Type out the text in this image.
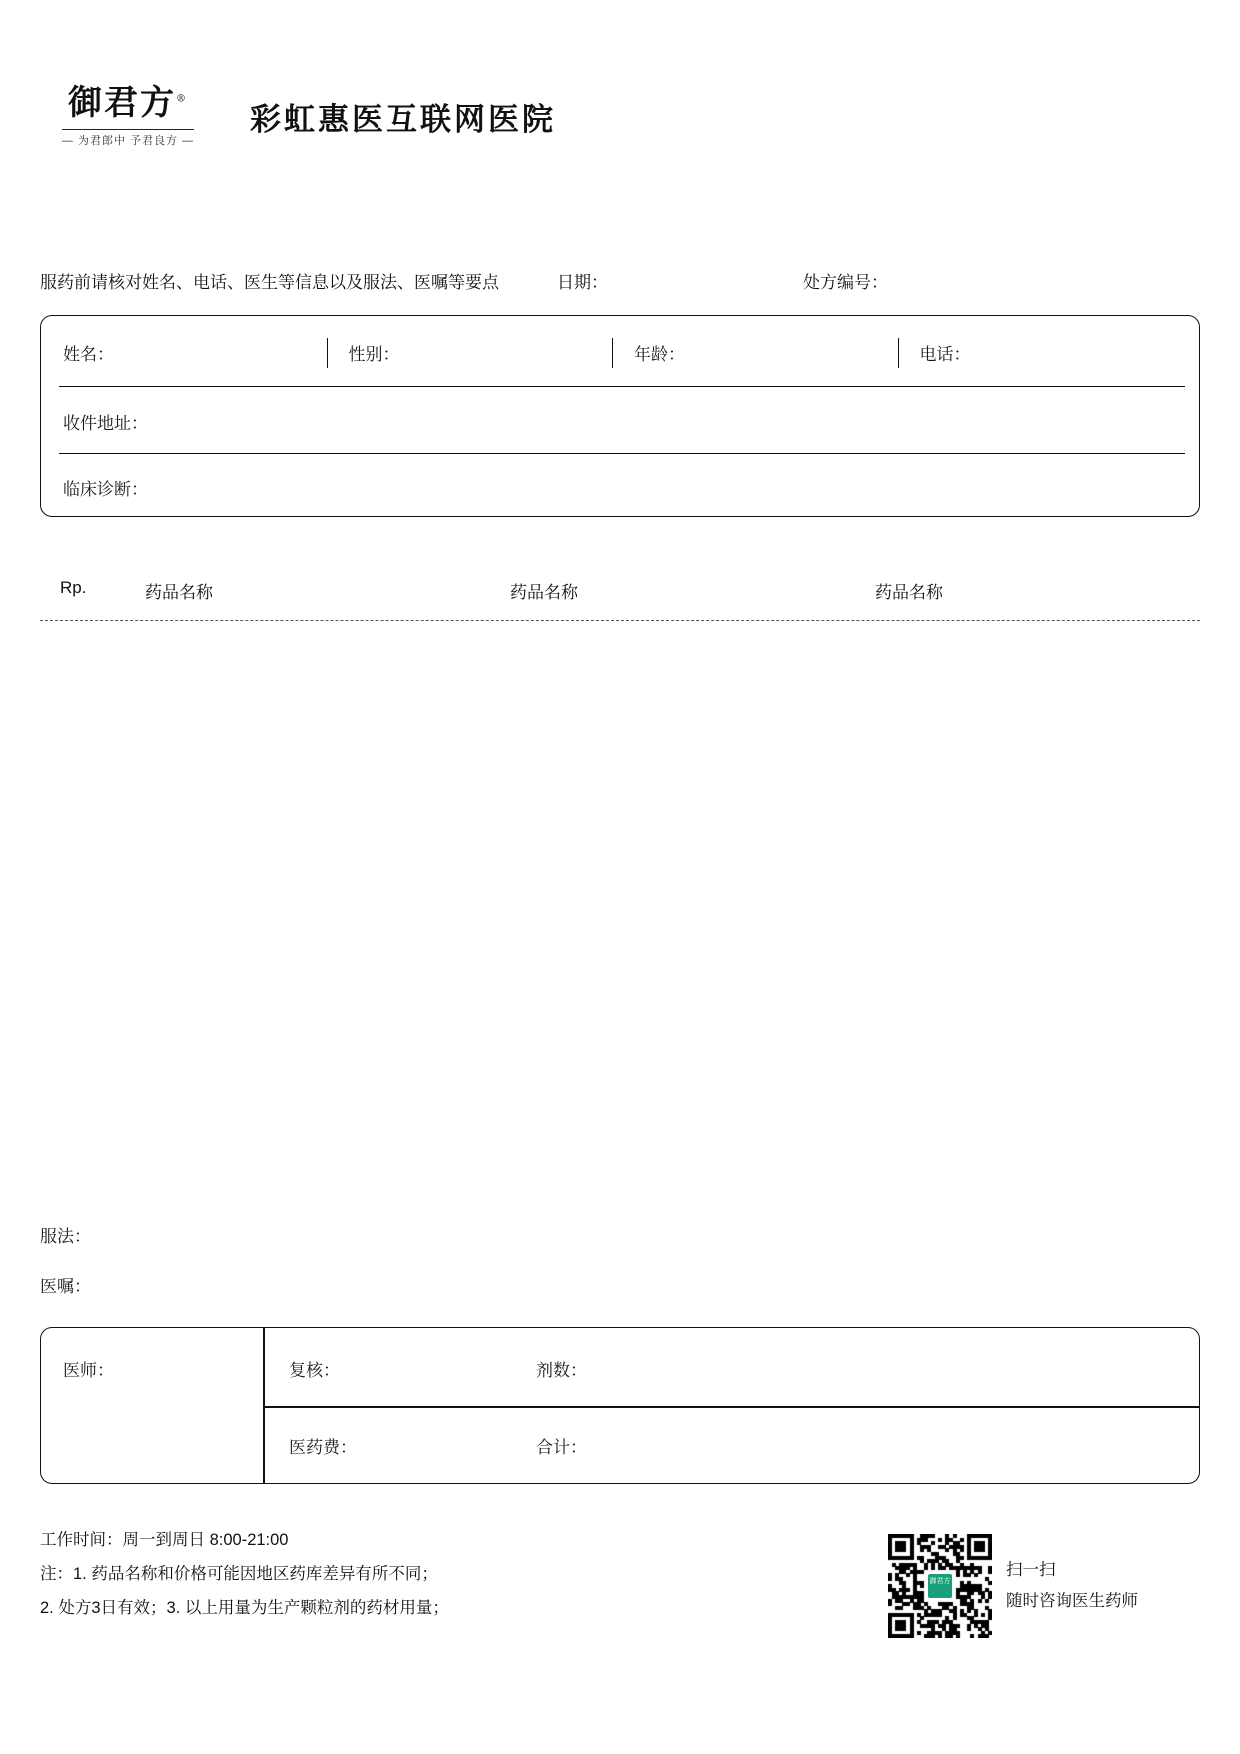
御君方®
— 为君郎中 予君良方 —
彩虹惠医互联网医院
服药前请核对姓名、电话、医生等信息以及服法、医嘱等要点	日期：	处方编号：
姓名：	性别：	年龄：	电话：
收件地址：
临床诊断：
Rp.	药品名称	药品名称	药品名称
服法：
医嘱：
医师：	复核：	剂数：
医药费：	合计：
工作时间：周一到周日 8:00-21:00
注：1. 药品名称和价格可能因地区药库差异有所不同；
2. 处方3日有效；3. 以上用量为生产颗粒剂的药材用量；
御君方
扫一扫
随时咨询医生药师
